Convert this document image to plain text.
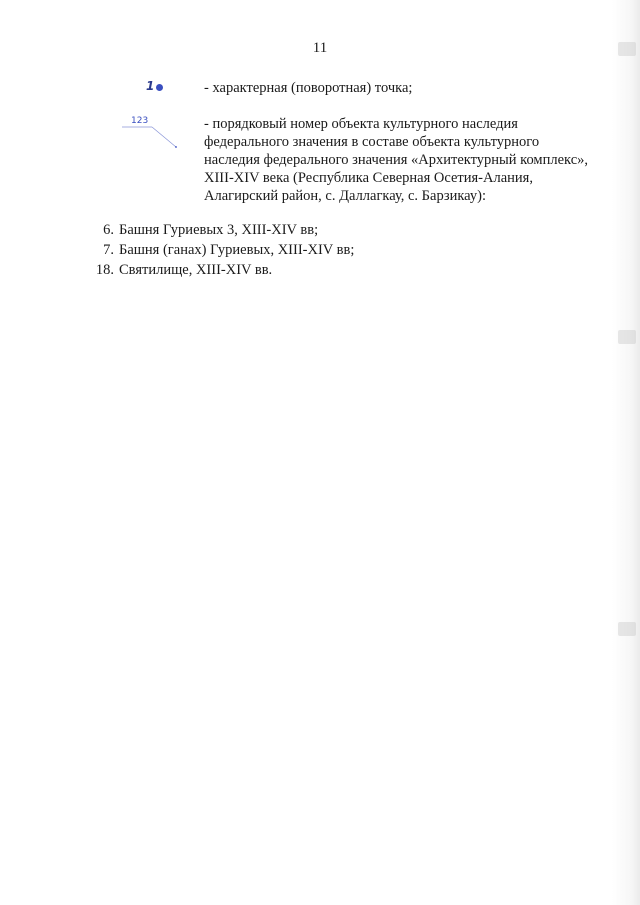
11
1	- характерная (поворотная) точка;
123	- порядковый номер объекта культурного наследия федерального значения в составе объекта культурного наследия федерального значения «Архитектурный комплекс», XIII-XIV века (Республика Северная Осетия-Алания, Алагирский район, с. Даллагкау, с. Барзикау):
6. Башня Гуриевых 3, XIII-XIV вв;
7. Башня (ганах) Гуриевых, XIII-XIV вв;
18. Святилище, XIII-XIV вв.
